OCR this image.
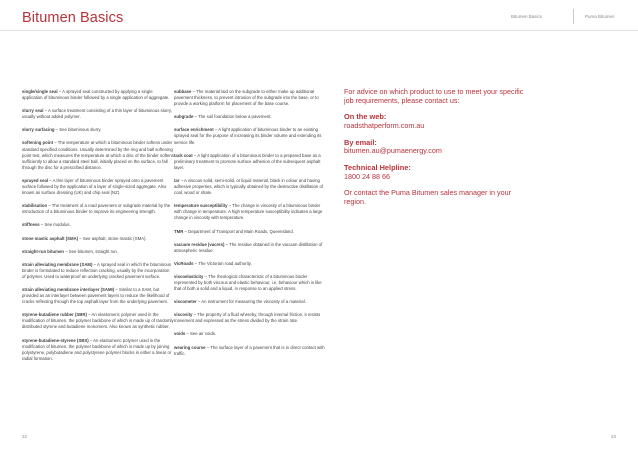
Bitumen Basics	Bitumen Basics	Puma Bitumen

single/single seal – A sprayed seal constructed by applying a single application of bituminous binder followed by a single application of aggregate.

slurry seal – A surface treatment consisting of a thin layer of bituminous slurry, usually without added polymer.

slurry surfacing – See bituminous slurry.

softening point – The temperature at which a bituminous binder softens under standard specified conditions. Usually determined by the ring and ball softening point test, which measures the temperature at which a disc of the binder softens sufficiently to allow a standard steel ball, initially placed on the surface, to fall through the disc for a prescribed distance.

sprayed seal – A thin layer of bituminous binder sprayed onto a pavement surface followed by the application of a layer of single-sized aggregate. Also known as surface dressing (UK) and chip seal (NZ).

stabilisation – The treatment of a road pavement or subgrade material by the introduction of a bituminous binder to improve its engineering strength.

stiffness – See modulus.

stone mastic asphalt (SMA) – See asphalt, stone mastic (SMA).

straight-run bitumen – See bitumen, straight run.

strain alleviating membrane (SAM) – A sprayed seal in which the bituminous binder is formulated to reduce reflection cracking, usually by the incorporation of polymer. Used to waterproof an underlying cracked pavement surface.

strain alleviating membrane interlayer (SAMI) – Similar to a SAM, but provided as an interlayer between pavement layers to reduce the likelihood of cracks reflecting through the top asphalt layer from the underlying pavement.

styrene-butadiene rubber (SBR) – An elastomeric polymer used in the modification of bitumen, the polymer backbone of which is made up of randomly distributed styrene and butadiene monomers. Also known as synthetic rubber.

styrene-butadiene-styrene (SBS) – An elastomeric polymer used in the modification of bitumen, the polymer backbone of which is made up by joining polystyrene, polybutadiene and polystyrene polymer blocks in either a linear or radial formation.

subbase – The material laid on the subgrade to either make up additional pavement thickness, to prevent intrusion of the subgrade into the base, or to provide a working platform for placement of the base course.

subgrade – The soil foundation below a pavement.

surface enrichment – A light application of bituminous binder to an existing sprayed seal for the purpose of increasing its binder volume and extending its service life.

tack coat – A light application of a bituminous binder to a prepared base as a preliminary treatment to promote surface adhesion of the subsequent asphalt layer.

tar – A viscous solid, semi-solid, or liquid material, black in colour and having adhesive properties, which is typically obtained by the destructive distillation of coal, wood or shale.

temperature susceptibility – The change in viscosity of a bituminous binder with change in temperature. A high temperature susceptibility indicates a large change in viscosity with temperature.

TMR – Department of Transport and Main Roads, Queensland.

vacuum residue (vacres) – The residue obtained in the vacuum distillation of atmospheric residue.

VicRoads – The Victorian road authority.

viscoelasticity – The rheological characteristic of a bituminous binder represented by both viscous and elastic behaviour, i.e. behaviour which is like that of both a solid and a liquid, in response to an applied stress.

viscometer – An instrument for measuring the viscosity of a material.

viscosity – The property of a fluid whereby, through internal friction, it resists movement and expressed as the stress divided by the strain rate.

voids – See air voids.

wearing course – The surface layer of a pavement that is in direct contact with traffic.

For advice on which product to use to meet your specific job requirements, please contact us:

On the web:

roadsthatperform.com.au

By email:

bitumen.au@pumaenergy.com

Technical Helpline:

1800 24 88 66

Or contact the Puma Bitumen sales manager in your region.

22	23
